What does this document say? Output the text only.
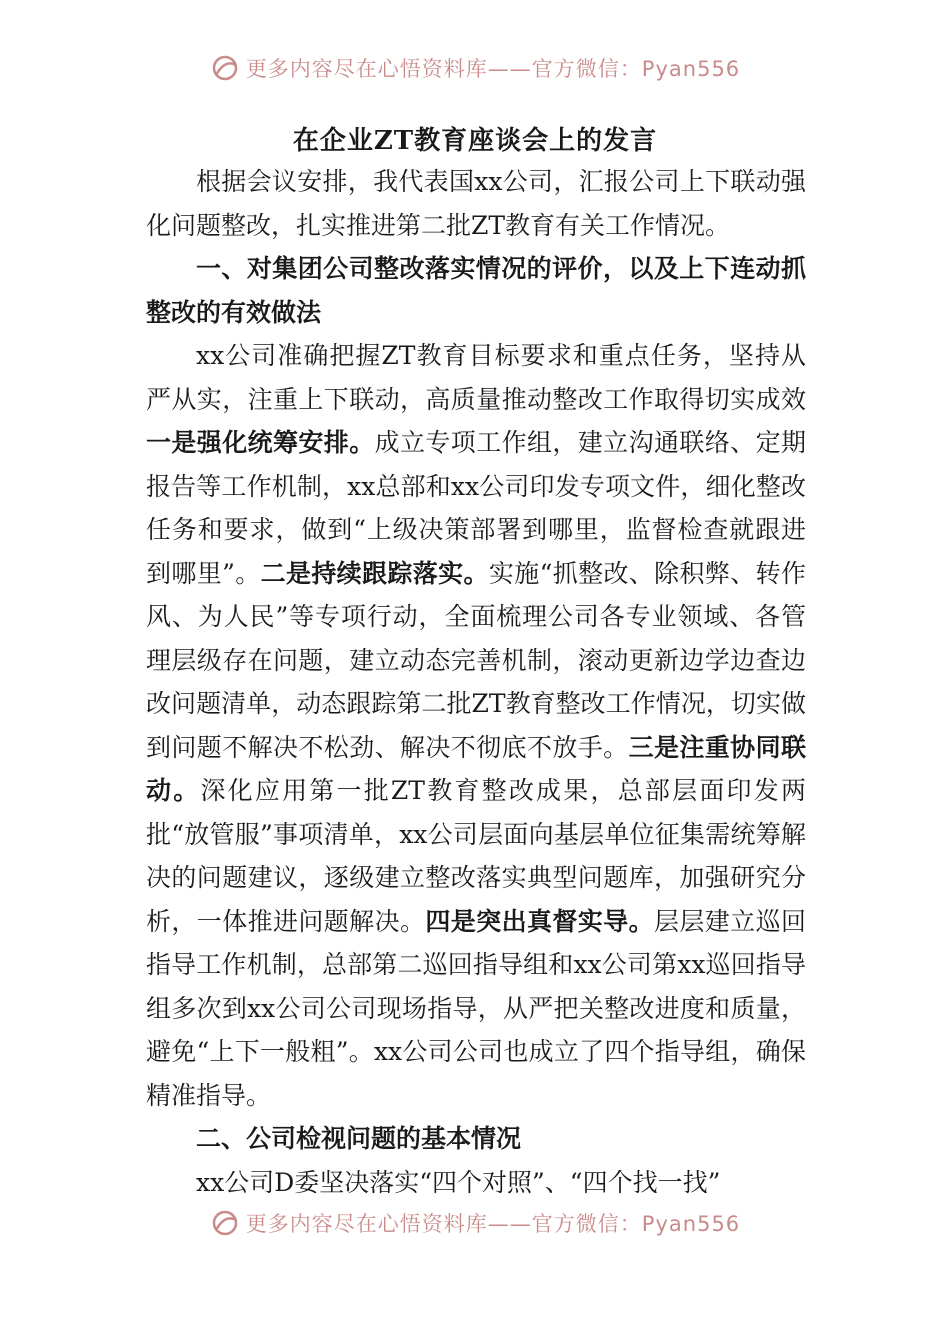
更多内容尽在心悟资料库——官方微信：Pyan556
在企业ZT教育座谈会上的发言

根据会议安排，我代表国xx公司，汇报公司上下联动强化问题整改，扎实推进第二批ZT教育有关工作情况。

一、对集团公司整改落实情况的评价，以及上下连动抓整改的有效做法

xx公司准确把握ZT教育目标要求和重点任务，坚持从严从实，注重上下联动，高质量推动整改工作取得切实成效一是强化统筹安排。成立专项工作组，建立沟通联络、定期报告等工作机制，xx总部和xx公司印发专项文件，细化整改任务和要求，做到“上级决策部署到哪里，监督检查就跟进到哪里”。二是持续跟踪落实。实施“抓整改、除积弊、转作风、为人民”等专项行动，全面梳理公司各专业领域、各管理层级存在问题，建立动态完善机制，滚动更新边学边查边改问题清单，动态跟踪第二批ZT教育整改工作情况，切实做到问题不解决不松劲、解决不彻底不放手。三是注重协同联动。深化应用第一批ZT教育整改成果，总部层面印发两批“放管服”事项清单，xx公司层面向基层单位征集需统筹解决的问题建议，逐级建立整改落实典型问题库，加强研究分析，一体推进问题解决。四是突出真督实导。层层建立巡回指导工作机制，总部第二巡回指导组和xx公司第xx巡回指导组多次到xx公司公司现场指导，从严把关整改进度和质量，避免“上下一般粗”。xx公司公司也成立了四个指导组，确保精准指导。

二、公司检视问题的基本情况

xx公司D委坚决落实“四个对照”、“四个找一找”

更多内容尽在心悟资料库——官方微信：Pyan556
